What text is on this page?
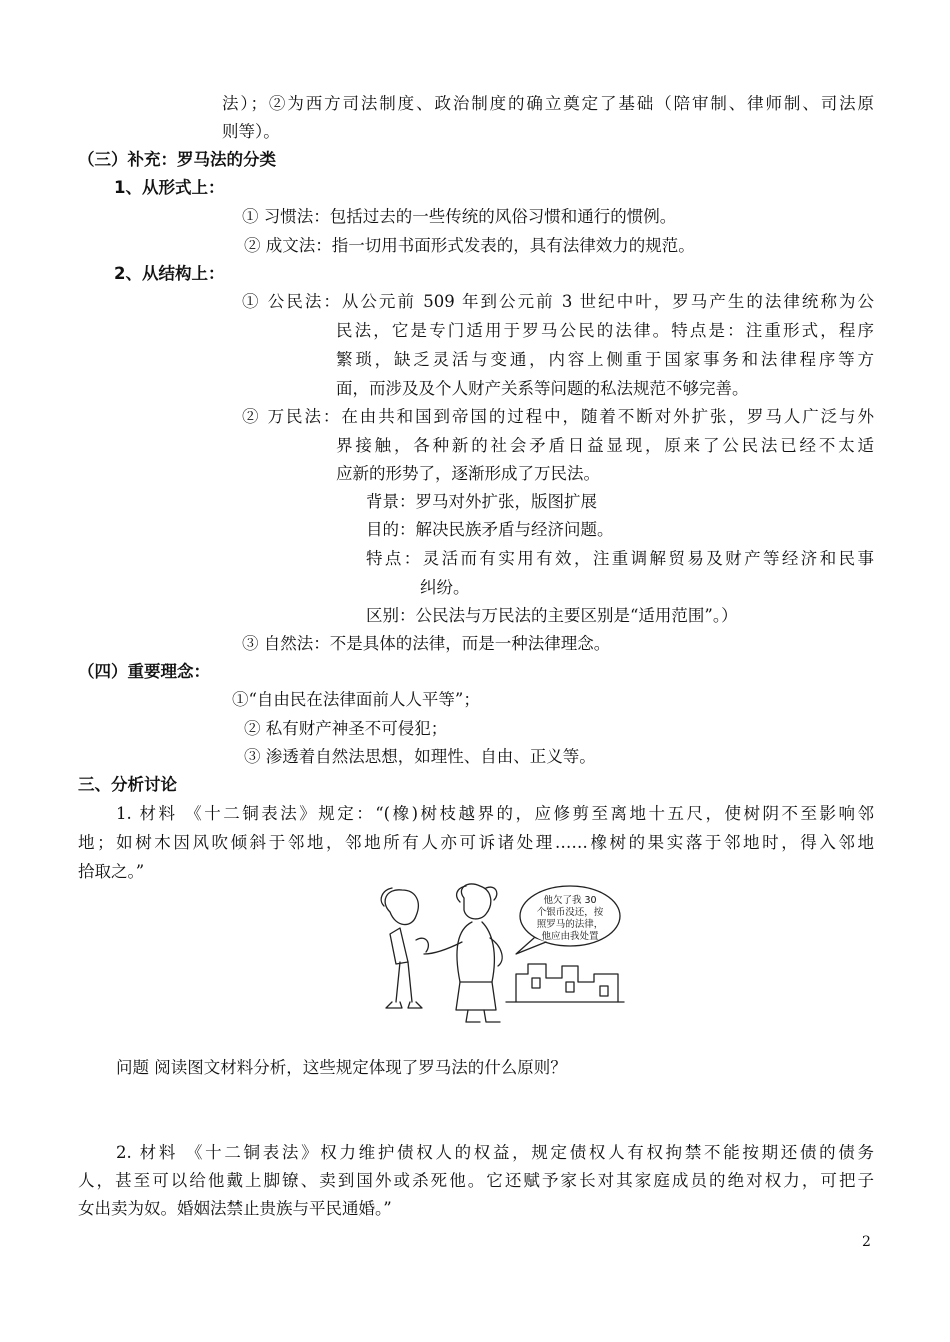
法）；②为西方司法制度、政治制度的确立奠定了基础（陪审制、律师制、司法原
则等）。
（三）补充：罗马法的分类
1、从形式上：
① 习惯法：包括过去的一些传统的风俗习惯和通行的惯例。
② 成文法：指一切用书面形式发表的，具有法律效力的规范。
2、从结构上：
① 公民法：从公元前 509 年到公元前 3 世纪中叶，罗马产生的法律统称为公
民法，它是专门适用于罗马公民的法律。特点是：注重形式，程序
繁琐，缺乏灵活与变通，内容上侧重于国家事务和法律程序等方
面，而涉及及个人财产关系等问题的私法规范不够完善。
② 万民法：在由共和国到帝国的过程中，随着不断对外扩张，罗马人广泛与外
界接触，各种新的社会矛盾日益显现，原来了公民法已经不太适
应新的形势了，逐渐形成了万民法。
背景：罗马对外扩张，版图扩展
目的：解决民族矛盾与经济问题。
特点：灵活而有实用有效，注重调解贸易及财产等经济和民事
纠纷。
区别：公民法与万民法的主要区别是“适用范围”。）
③ 自然法：不是具体的法律，而是一种法律理念。
（四）重要理念：
①“自由民在法律面前人人平等”；
② 私有财产神圣不可侵犯；
③ 渗透着自然法思想，如理性、自由、正义等。
三、分析讨论
1. 材料 《十二铜表法》规定：“(橡)树枝越界的，应修剪至离地十五尺，使树阴不至影响邻
地；如树木因风吹倾斜于邻地，邻地所有人亦可诉诸处理……橡树的果实落于邻地时，得入邻地
拾取之。”
他欠了我 30
个银币没还，按
照罗马的法律，
他应由我处置
问题 阅读图文材料分析，这些规定体现了罗马法的什么原则？
2. 材料 《十二铜表法》权力维护债权人的权益，规定债权人有权拘禁不能按期还债的债务
人，甚至可以给他戴上脚镣、卖到国外或杀死他。它还赋予家长对其家庭成员的绝对权力，可把子
女出卖为奴。婚姻法禁止贵族与平民通婚。”
2
